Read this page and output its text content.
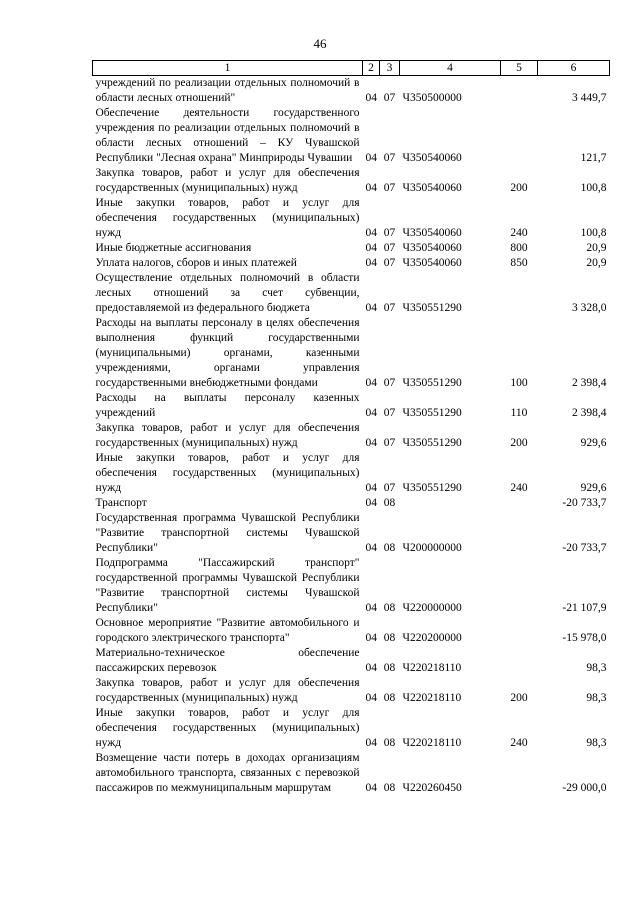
46
1	2	3	4	5	6
учреждений по реализации отдельных полномочий в области лесных отношений"	04	07	Ч350500000		3 449,7
Обеспечение деятельности государственного учреждения по реализации отдельных полномочий в области лесных отношений – КУ Чувашской Республики "Лесная охрана" Минприроды Чувашии	04	07	Ч350540060		121,7
Закупка товаров, работ и услуг для обеспечения государственных (муниципальных) нужд	04	07	Ч350540060	200	100,8
Иные закупки товаров, работ и услуг для обеспечения государственных (муниципальных) нужд	04	07	Ч350540060	240	100,8
Иные бюджетные ассигнования	04	07	Ч350540060	800	20,9
Уплата налогов, сборов и иных платежей	04	07	Ч350540060	850	20,9
Осуществление отдельных полномочий в области лесных отношений за счет субвенции, предоставляемой из федерального бюджета	04	07	Ч350551290		3 328,0
Расходы на выплаты персоналу в целях обеспечения выполнения функций государственными (муниципальными) органами, казенными учреждениями, органами управления государственными внебюджетными фондами	04	07	Ч350551290	100	2 398,4
Расходы на выплаты персоналу казенных учреждений	04	07	Ч350551290	110	2 398,4
Закупка товаров, работ и услуг для обеспечения государственных (муниципальных) нужд	04	07	Ч350551290	200	929,6
Иные закупки товаров, работ и услуг для обеспечения государственных (муниципальных) нужд	04	07	Ч350551290	240	929,6
Транспорт	04	08			-20 733,7
Государственная программа Чувашской Республики "Развитие транспортной системы Чувашской Республики"	04	08	Ч200000000		-20 733,7
Подпрограмма "Пассажирский транспорт" государственной программы Чувашской Республики "Развитие транспортной системы Чувашской Республики"	04	08	Ч220000000		-21 107,9
Основное мероприятие "Развитие автомобильного и городского электрического транспорта"	04	08	Ч220200000		-15 978,0
Материально-техническое обеспечение пассажирских перевозок	04	08	Ч220218110		98,3
Закупка товаров, работ и услуг для обеспечения государственных (муниципальных) нужд	04	08	Ч220218110	200	98,3
Иные закупки товаров, работ и услуг для обеспечения государственных (муниципальных) нужд	04	08	Ч220218110	240	98,3
Возмещение части потерь в доходах организациям автомобильного транспорта, связанных с перевозкой пассажиров по межмуниципальным маршрутам	04	08	Ч220260450		-29 000,0
